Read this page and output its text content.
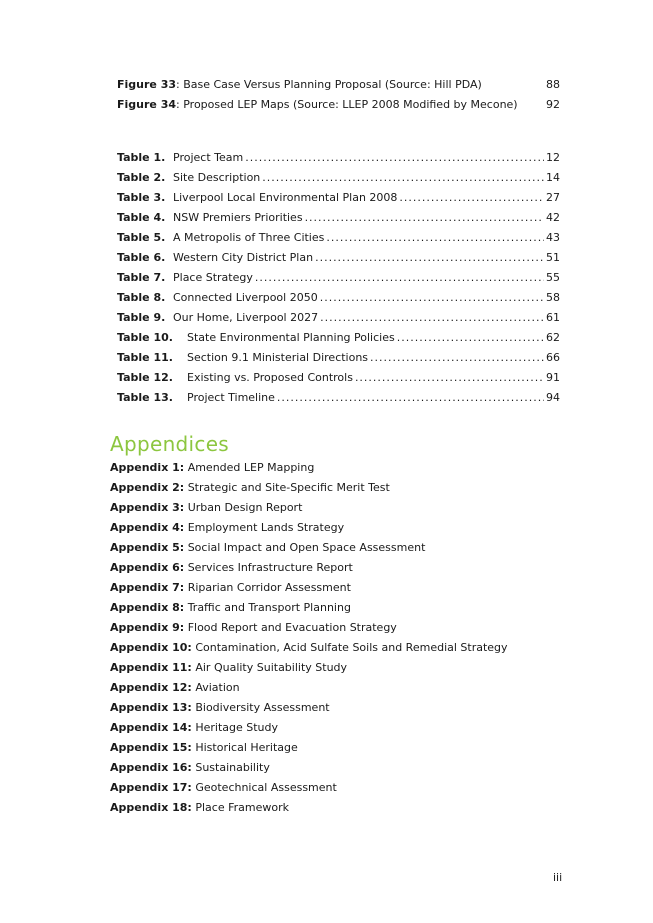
Figure 33: Base Case Versus Planning Proposal (Source: Hill PDA)	88
Figure 34: Proposed LEP Maps (Source: LLEP 2008 Modified by Mecone)	92
Table 1. Project Team .....	12
Table 2. Site Description .....	14
Table 3. Liverpool Local Environmental Plan 2008 .....	27
Table 4. NSW Premiers Priorities .....	42
Table 5. A Metropolis of Three Cities .....	43
Table 6. Western City District Plan .....	51
Table 7. Place Strategy .....	55
Table 8. Connected Liverpool 2050 .....	58
Table 9. Our Home, Liverpool 2027 .....	61
Table 10.	State Environmental Planning Policies .....	62
Table 11.	Section 9.1 Ministerial Directions .....	66
Table 12.	Existing vs. Proposed Controls .....	91
Table 13.	Project Timeline .....	94
Appendices
Appendix 1: Amended LEP Mapping
Appendix 2: Strategic and Site-Specific Merit Test
Appendix 3: Urban Design Report
Appendix 4: Employment Lands Strategy
Appendix 5: Social Impact and Open Space Assessment
Appendix 6: Services Infrastructure Report
Appendix 7: Riparian Corridor Assessment
Appendix 8: Traffic and Transport Planning
Appendix 9: Flood Report and Evacuation Strategy
Appendix 10: Contamination, Acid Sulfate Soils and Remedial Strategy
Appendix 11: Air Quality Suitability Study
Appendix 12: Aviation
Appendix 13: Biodiversity Assessment
Appendix 14: Heritage Study
Appendix 15: Historical Heritage
Appendix 16: Sustainability
Appendix 17: Geotechnical Assessment
Appendix 18: Place Framework
iii
